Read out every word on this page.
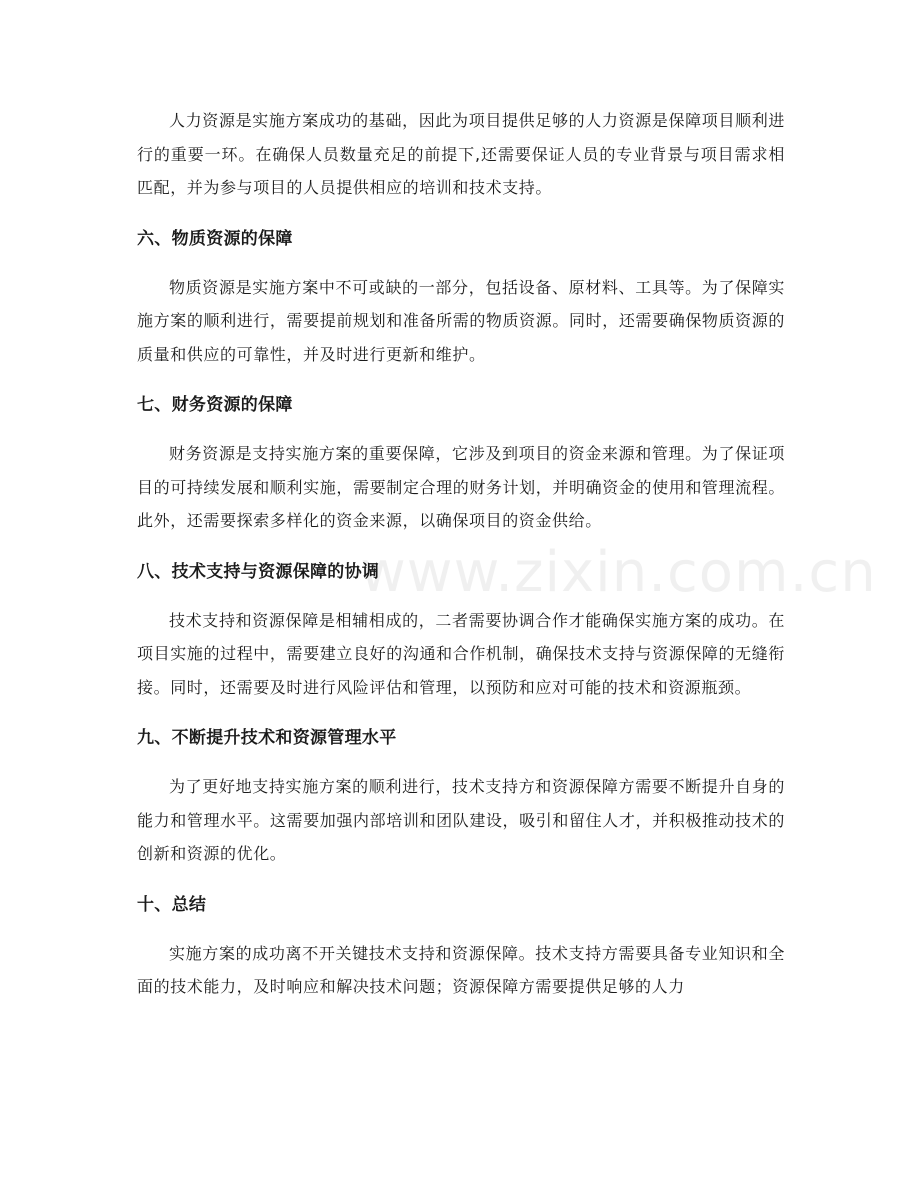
www.zixin.com.cn

人力资源是实施方案成功的基础，因此为项目提供足够的人力资源是保障项目顺利进行的重要一环。在确保人员数量充足的前提下,还需要保证人员的专业背景与项目需求相匹配，并为参与项目的人员提供相应的培训和技术支持。

六、物质资源的保障

物质资源是实施方案中不可或缺的一部分，包括设备、原材料、工具等。为了保障实施方案的顺利进行，需要提前规划和准备所需的物质资源。同时，还需要确保物质资源的质量和供应的可靠性，并及时进行更新和维护。

七、财务资源的保障

财务资源是支持实施方案的重要保障，它涉及到项目的资金来源和管理。为了保证项目的可持续发展和顺利实施，需要制定合理的财务计划，并明确资金的使用和管理流程。此外，还需要探索多样化的资金来源，以确保项目的资金供给。

八、技术支持与资源保障的协调

技术支持和资源保障是相辅相成的，二者需要协调合作才能确保实施方案的成功。在项目实施的过程中，需要建立良好的沟通和合作机制，确保技术支持与资源保障的无缝衔接。同时，还需要及时进行风险评估和管理，以预防和应对可能的技术和资源瓶颈。

九、不断提升技术和资源管理水平

为了更好地支持实施方案的顺利进行，技术支持方和资源保障方需要不断提升自身的能力和管理水平。这需要加强内部培训和团队建设，吸引和留住人才，并积极推动技术的创新和资源的优化。

十、总结

实施方案的成功离不开关键技术支持和资源保障。技术支持方需要具备专业知识和全面的技术能力，及时响应和解决技术问题；资源保障方需要提供足够的人力
